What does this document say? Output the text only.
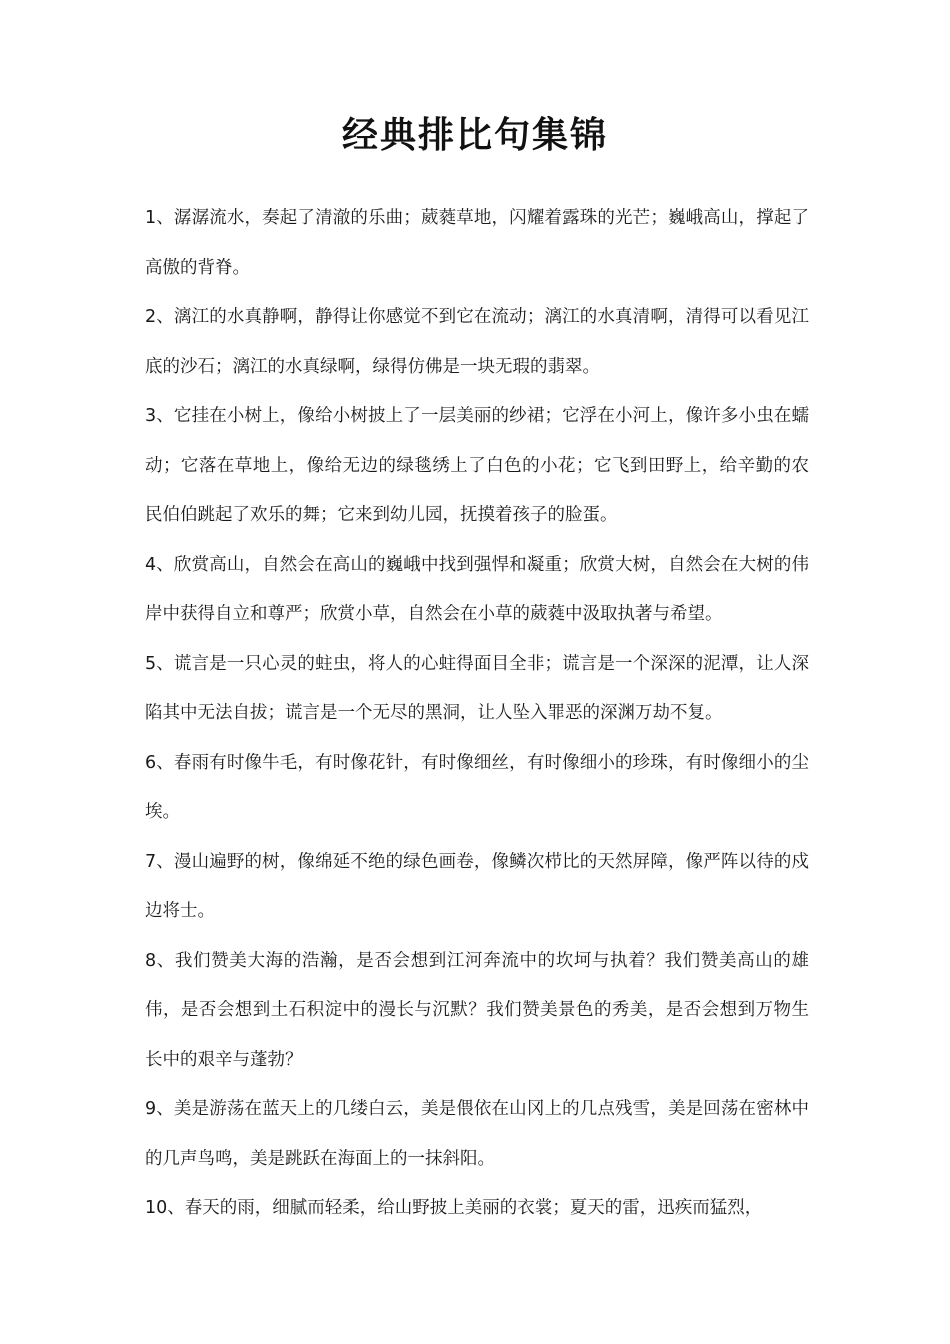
经典排比句集锦

1、潺潺流水，奏起了清澈的乐曲；葳蕤草地，闪耀着露珠的光芒；巍峨高山，撑起了高傲的背脊。

2、漓江的水真静啊，静得让你感觉不到它在流动；漓江的水真清啊，清得可以看见江底的沙石；漓江的水真绿啊，绿得仿佛是一块无瑕的翡翠。

3、它挂在小树上，像给小树披上了一层美丽的纱裙；它浮在小河上，像许多小虫在蠕动；它落在草地上，像给无边的绿毯绣上了白色的小花；它飞到田野上，给辛勤的农民伯伯跳起了欢乐的舞；它来到幼儿园，抚摸着孩子的脸蛋。

4、欣赏高山，自然会在高山的巍峨中找到强悍和凝重；欣赏大树，自然会在大树的伟岸中获得自立和尊严；欣赏小草，自然会在小草的葳蕤中汲取执著与希望。

5、谎言是一只心灵的蛀虫，将人的心蛀得面目全非；谎言是一个深深的泥潭，让人深陷其中无法自拔；谎言是一个无尽的黑洞，让人坠入罪恶的深渊万劫不复。

6、春雨有时像牛毛，有时像花针，有时像细丝，有时像细小的珍珠，有时像细小的尘埃。

7、漫山遍野的树，像绵延不绝的绿色画卷，像鳞次栉比的天然屏障，像严阵以待的戍边将士。

8、我们赞美大海的浩瀚，是否会想到江河奔流中的坎坷与执着？我们赞美高山的雄伟，是否会想到土石积淀中的漫长与沉默？我们赞美景色的秀美，是否会想到万物生长中的艰辛与蓬勃？

9、美是游荡在蓝天上的几缕白云，美是偎依在山冈上的几点残雪，美是回荡在密林中的几声鸟鸣，美是跳跃在海面上的一抹斜阳。

10、春天的雨，细腻而轻柔，给山野披上美丽的衣裳；夏天的雷，迅疾而猛烈，
